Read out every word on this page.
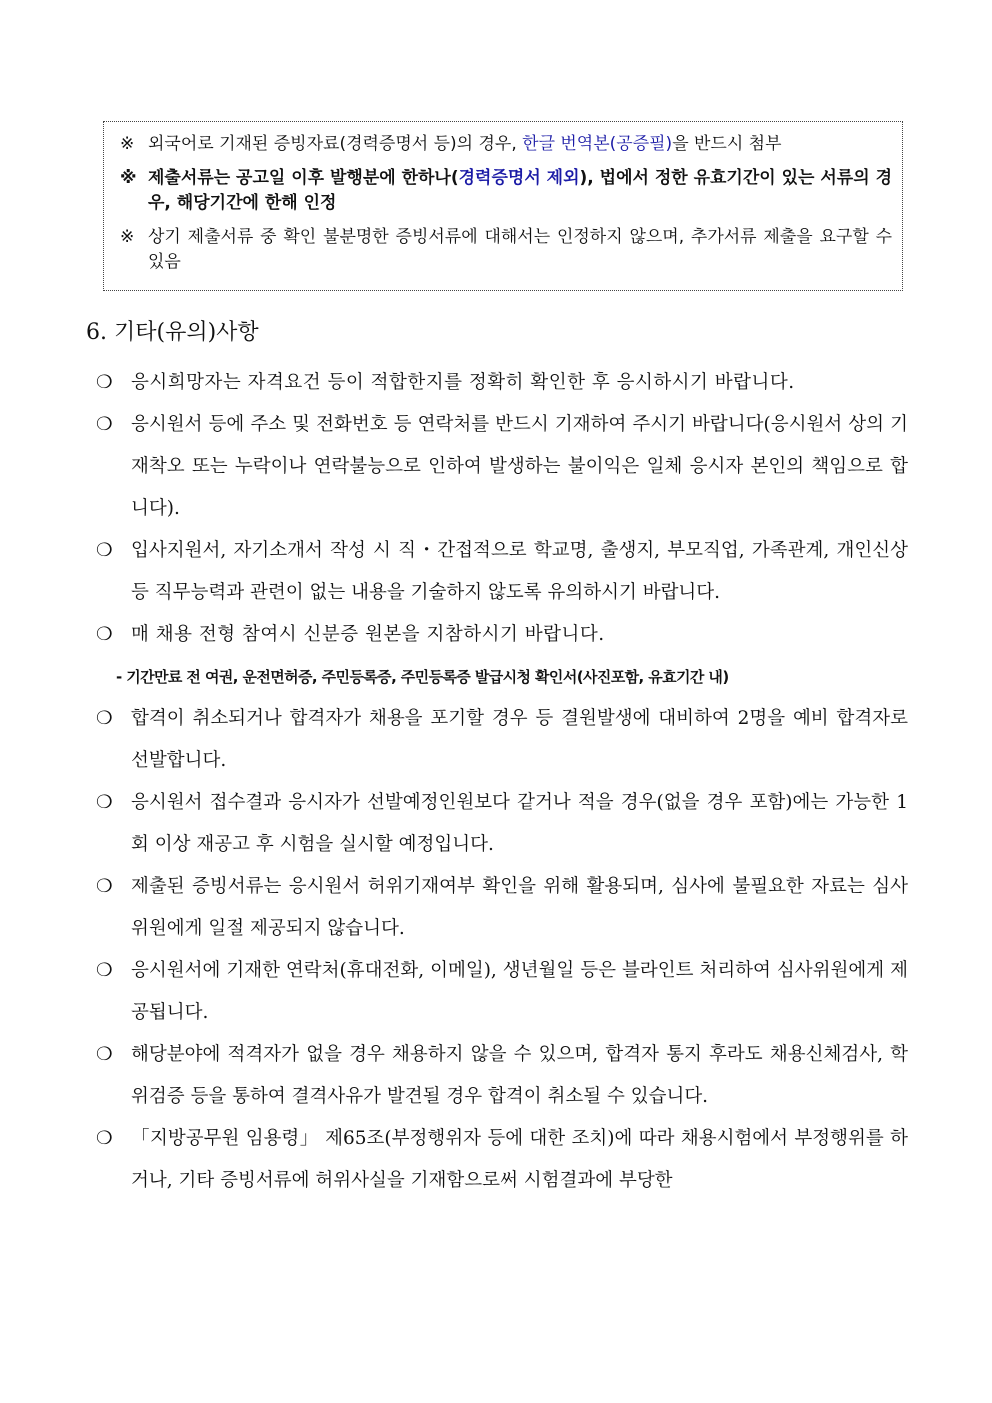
※ 외국어로 기재된 증빙자료(경력증명서 등)의 경우, 한글 번역본(공증필)을 반드시 첨부
※ 제출서류는 공고일 이후 발행분에 한하나(경력증명서 제외), 법에서 정한 유효기간이 있는 서류의 경우, 해당기간에 한해 인정
※ 상기 제출서류 중 확인 불분명한 증빙서류에 대해서는 인정하지 않으며, 추가서류 제출을 요구할 수 있음
6. 기타(유의)사항
❍ 응시희망자는 자격요건 등이 적합한지를 정확히 확인한 후 응시하시기 바랍니다.
❍ 응시원서 등에 주소 및 전화번호 등 연락처를 반드시 기재하여 주시기 바랍니다(응시원서 상의 기재착오 또는 누락이나 연락불능으로 인하여 발생하는 불이익은 일체 응시자 본인의 책임으로 합니다).
❍ 입사지원서, 자기소개서 작성 시 직・간접적으로 학교명, 출생지, 부모직업, 가족관계, 개인신상 등 직무능력과 관련이 없는 내용을 기술하지 않도록 유의하시기 바랍니다.
❍ 매 채용 전형 참여시 신분증 원본을 지참하시기 바랍니다.
- 기간만료 전 여권, 운전면허증, 주민등록증, 주민등록증 발급시청 확인서(사진포함, 유효기간 내)
❍ 합격이 취소되거나 합격자가 채용을 포기할 경우 등 결원발생에 대비하여 2명을 예비 합격자로 선발합니다.
❍ 응시원서 접수결과 응시자가 선발예정인원보다 같거나 적을 경우(없을 경우 포함)에는 가능한 1회 이상 재공고 후 시험을 실시할 예정입니다.
❍ 제출된 증빙서류는 응시원서 허위기재여부 확인을 위해 활용되며, 심사에 불필요한 자료는 심사위원에게 일절 제공되지 않습니다.
❍ 응시원서에 기재한 연락처(휴대전화, 이메일), 생년월일 등은 블라인트 처리하여 심사위원에게 제공됩니다.
❍ 해당분야에 적격자가 없을 경우 채용하지 않을 수 있으며, 합격자 통지 후라도 채용신체검사, 학위검증 등을 통하여 결격사유가 발견될 경우 합격이 취소될 수 있습니다.
❍ 「지방공무원 임용령」 제65조(부정행위자 등에 대한 조치)에 따라 채용시험에서 부정행위를 하거나, 기타 증빙서류에 허위사실을 기재함으로써 시험결과에 부당한
